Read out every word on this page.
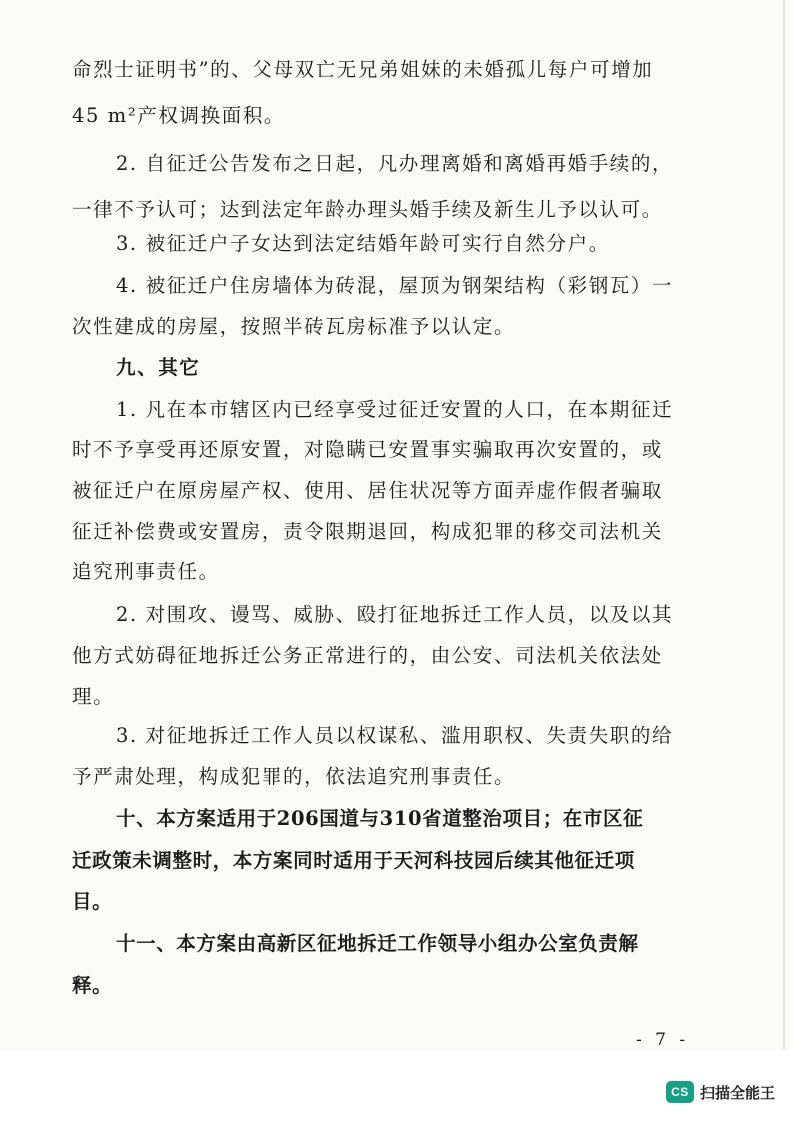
命烈士证明书”的、父母双亡无兄弟姐妹的未婚孤儿每户可增加
45 m²产权调换面积。
2. 自征迁公告发布之日起，凡办理离婚和离婚再婚手续的，
一律不予认可；达到法定年龄办理头婚手续及新生儿予以认可。
3. 被征迁户子女达到法定结婚年龄可实行自然分户。
4. 被征迁户住房墙体为砖混，屋顶为钢架结构（彩钢瓦）一
次性建成的房屋，按照半砖瓦房标准予以认定。
九、其它
1. 凡在本市辖区内已经享受过征迁安置的人口，在本期征迁
时不予享受再还原安置，对隐瞒已安置事实骗取再次安置的，或
被征迁户在原房屋产权、使用、居住状况等方面弄虚作假者骗取
征迁补偿费或安置房，责令限期退回，构成犯罪的移交司法机关
追究刑事责任。
2. 对围攻、谩骂、威胁、殴打征地拆迁工作人员，以及以其
他方式妨碍征地拆迁公务正常进行的，由公安、司法机关依法处
理。
3. 对征地拆迁工作人员以权谋私、滥用职权、失责失职的给
予严肃处理，构成犯罪的，依法追究刑事责任。
十、本方案适用于206国道与310省道整治项目；在市区征
迁政策未调整时，本方案同时适用于天河科技园后续其他征迁项
目。
十一、本方案由高新区征地拆迁工作领导小组办公室负责解
释。
- 7 -
CS 扫描全能王
